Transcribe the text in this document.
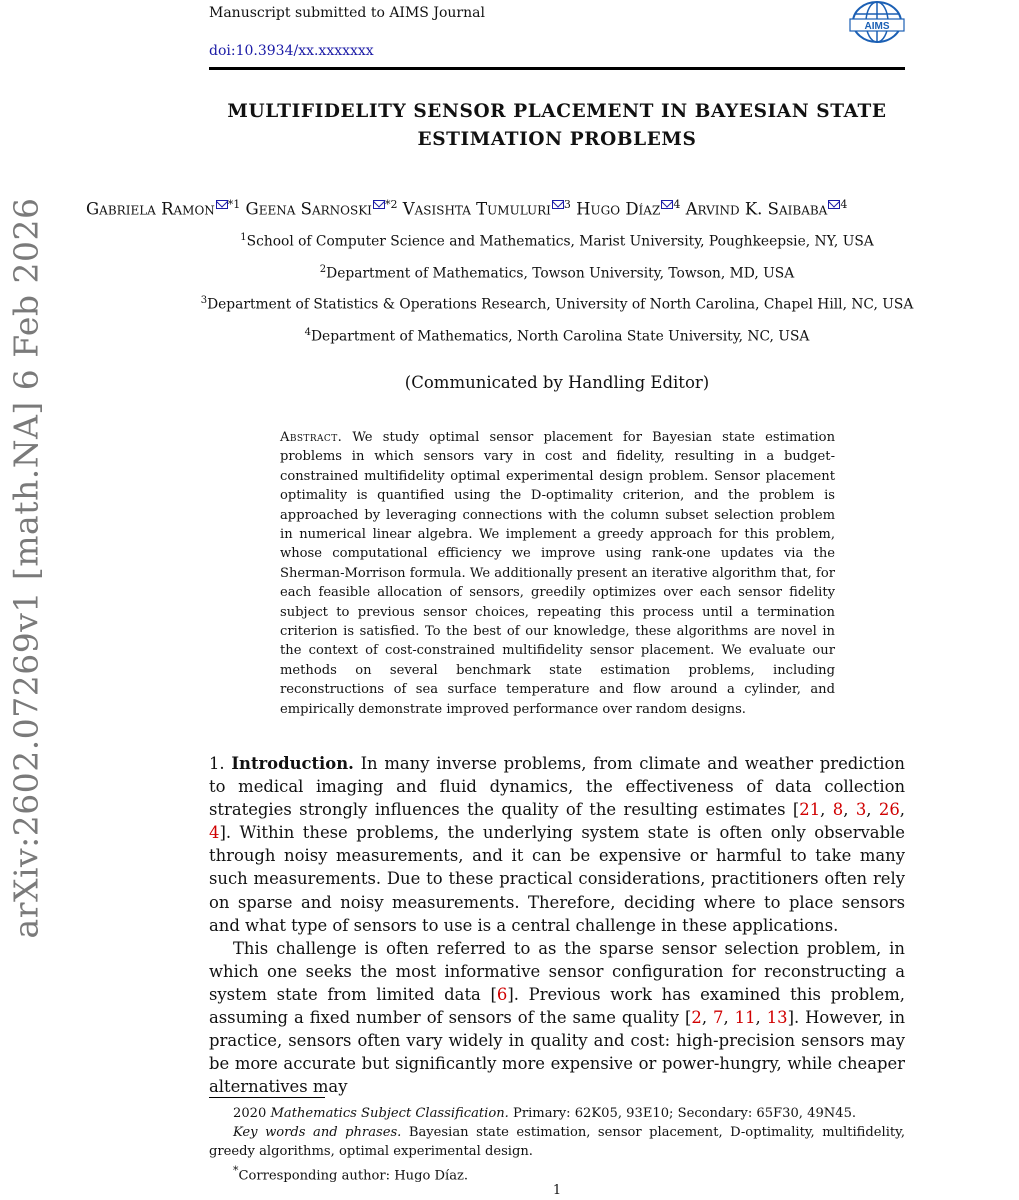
arXiv:2602.07269v1 [math.NA] 6 Feb 2026
Manuscript submitted to AIMS Journal
doi:10.3934/xx.xxxxxxx
AIMS
MULTIFIDELITY SENSOR PLACEMENT IN BAYESIAN STATE
ESTIMATION PROBLEMS
Gabriela Ramon $^{*1}$ Geena Sarnoski $^{*2}$ Vasishta Tumuluri $^3$ Hugo Díaz $^4$ Arvind K. Saibaba $^4$
$^1$School of Computer Science and Mathematics, Marist University, Poughkeepsie, NY, USA
$^2$Department of Mathematics, Towson University, Towson, MD, USA
$^3$Department of Statistics & Operations Research, University of North Carolina, Chapel Hill, NC, USA
$^4$Department of Mathematics, North Carolina State University, NC, USA
(Communicated by Handling Editor)
Abstract. We study optimal sensor placement for Bayesian state estimation problems in which sensors vary in cost and fidelity, resulting in a budget-constrained multifidelity optimal experimental design problem. Sensor placement optimality is quantified using the D-optimality criterion, and the problem is approached by leveraging connections with the column subset selection problem in numerical linear algebra. We implement a greedy approach for this problem, whose computational efficiency we improve using rank-one updates via the Sherman-Morrison formula. We additionally present an iterative algorithm that, for each feasible allocation of sensors, greedily optimizes over each sensor fidelity subject to previous sensor choices, repeating this process until a termination criterion is satisfied. To the best of our knowledge, these algorithms are novel in the context of cost-constrained multifidelity sensor placement. We evaluate our methods on several benchmark state estimation problems, including reconstructions of sea surface temperature and flow around a cylinder, and empirically demonstrate improved performance over random designs.

1. Introduction. In many inverse problems, from climate and weather prediction to medical imaging and fluid dynamics, the effectiveness of data collection strategies strongly influences the quality of the resulting estimates [21, 8, 3, 26, 4]. Within these problems, the underlying system state is often only observable through noisy measurements, and it can be expensive or harmful to take many such measurements. Due to these practical considerations, practitioners often rely on sparse and noisy measurements. Therefore, deciding where to place sensors and what type of sensors to use is a central challenge in these applications.

This challenge is often referred to as the sparse sensor selection problem, in which one seeks the most informative sensor configuration for reconstructing a system state from limited data [6]. Previous work has examined this problem, assuming a fixed number of sensors of the same quality [2, 7, 11, 13]. However, in practice, sensors often vary widely in quality and cost: high-precision sensors may be more accurate but significantly more expensive or power-hungry, while cheaper alternatives may

2020 Mathematics Subject Classification. Primary: 62K05, 93E10; Secondary: 65F30, 49N45.

Key words and phrases. Bayesian state estimation, sensor placement, D-optimality, multifidelity, greedy algorithms, optimal experimental design.

*Corresponding author: Hugo Díaz.

1
